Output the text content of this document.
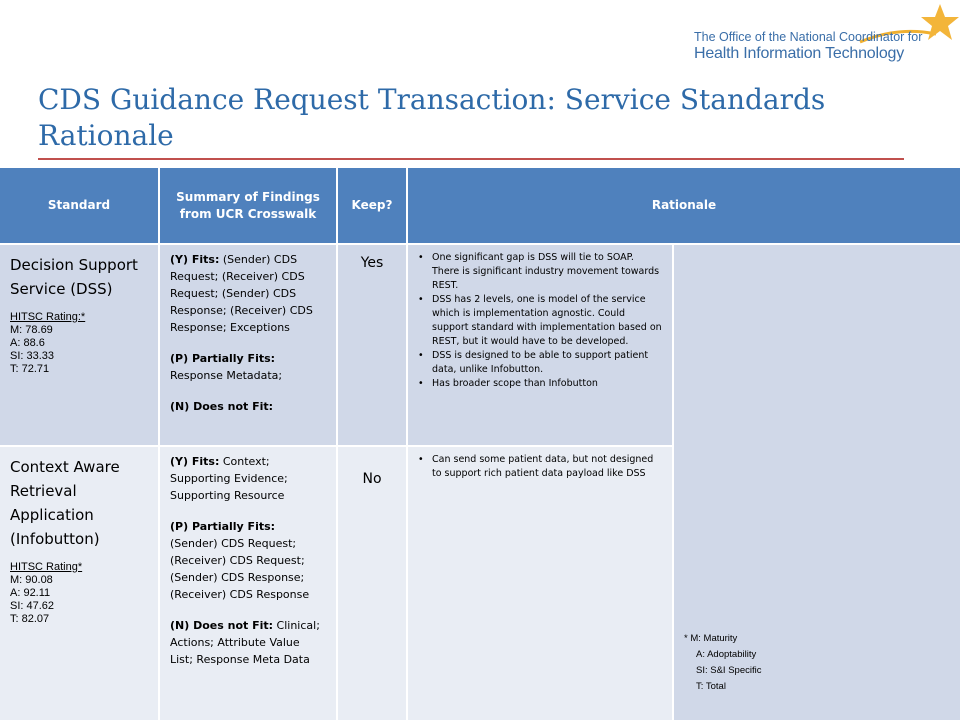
The Office of the National Coordinator for
Health Information Technology
CDS Guidance Request Transaction: Service Standards Rationale
Standard
Summary of Findings from UCR Crosswalk
Keep?	Rationale
Decision Support Service (DSS)
HITSC Rating:*
M: 78.69
A: 88.6
SI: 33.33
T: 72.71

(Y) Fits: (Sender) CDS Request; (Receiver) CDS Request; (Sender) CDS Response; (Receiver) CDS Response; Exceptions

(P) Partially Fits:
Response Metadata;

(N) Does not Fit:

Yes
•	One significant gap is DSS will tie to SOAP. There is significant industry movement towards REST.
• DSS has 2 levels, one is model of the service which is implementation agnostic. Could support standard with implementation based on REST, but it would have to be developed.
• DSS is designed to be able to support patient data, unlike Infobutton.
• Has broader scope than Infobutton
Context Aware Retrieval Application (Infobutton)
HITSC Rating*
M: 90.08
A: 92.11
SI: 47.62
T: 82.07

(Y) Fits: Context; Supporting Evidence; Supporting Resource

(P) Partially Fits: (Sender) CDS Request; (Receiver) CDS Request; (Sender) CDS Response; (Receiver) CDS Response

(N) Does not Fit: Clinical; Actions; Attribute Value List; Response Meta Data

No
• Can send some patient data, but not designed to support rich patient data payload like DSS
* M: Maturity
A: Adoptability
SI: S&I Specific
T: Total
